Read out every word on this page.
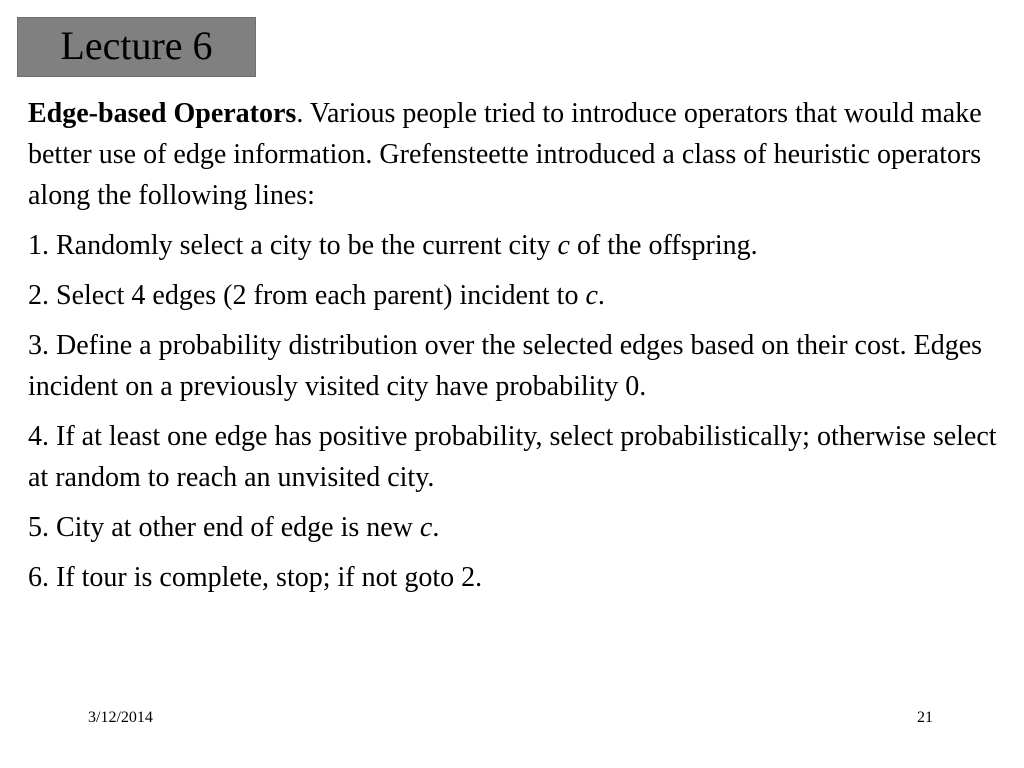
Lecture 6

Edge-based Operators. Various people tried to introduce operators that would make better use of edge information. Grefensteette introduced a class of heuristic operators along the following lines:

1. Randomly select a city to be the current city c of the offspring.

2. Select 4 edges (2 from each parent) incident to c.

3. Define a probability distribution over the selected edges based on their cost. Edges incident on a previously visited city have probability 0.

4. If at least one edge has positive probability, select probabilistically; otherwise select at random to reach an unvisited city.

5. City at other end of edge is new c.

6. If tour is complete, stop; if not goto 2.

3/12/2014	21
